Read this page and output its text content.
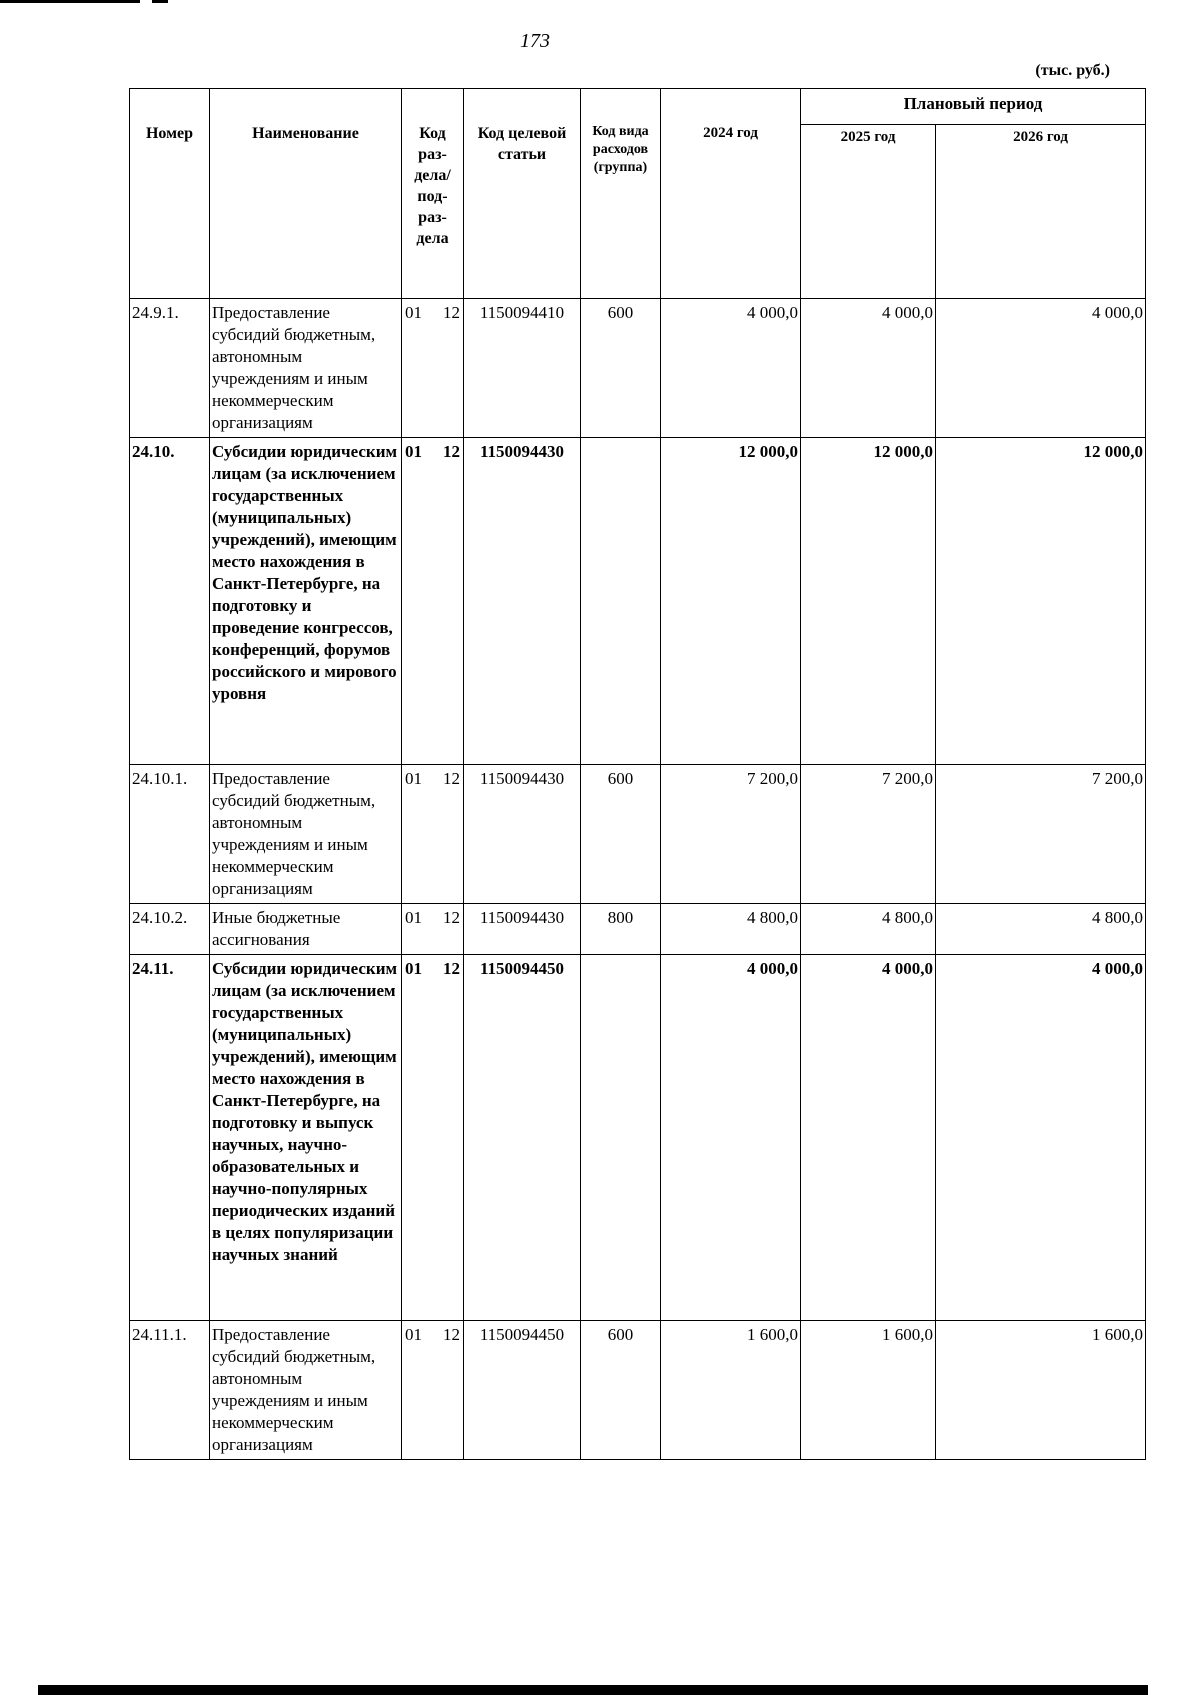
173
(тыс. руб.)
Номер	Наименование	Код раз-дела/ под-раз-дела	Код целевой статьи	Код вида расходов (группа)	2024 год	Плановый период	
						2025 год	2026 год
24.9.1.	Предоставление субсидий бюджетным, автономным учреждениям и иным некоммерческим организациям	01 12	1150094410	600	4 000,0	4 000,0	4 000,0
24.10.	Субсидии юридическим лицам (за исключением государственных (муниципальных) учреждений), имеющим место нахождения в Санкт-Петербурге, на подготовку и проведение конгрессов, конференций, форумов российского и мирового уровня	01 12	1150094430		12 000,0	12 000,0	12 000,0
24.10.1.	Предоставление субсидий бюджетным, автономным учреждениям и иным некоммерческим организациям	01 12	1150094430	600	7 200,0	7 200,0	7 200,0
24.10.2.	Иные бюджетные ассигнования	01 12	1150094430	800	4 800,0	4 800,0	4 800,0
24.11.	Субсидии юридическим лицам (за исключением государственных (муниципальных) учреждений), имеющим место нахождения в Санкт-Петербурге, на подготовку и выпуск научных, научно-образовательных и научно-популярных периодических изданий в целях популяризации научных знаний	01 12	1150094450		4 000,0	4 000,0	4 000,0
24.11.1.	Предоставление субсидий бюджетным, автономным учреждениям и иным некоммерческим организациям	01 12	1150094450	600	1 600,0	1 600,0	1 600,0
